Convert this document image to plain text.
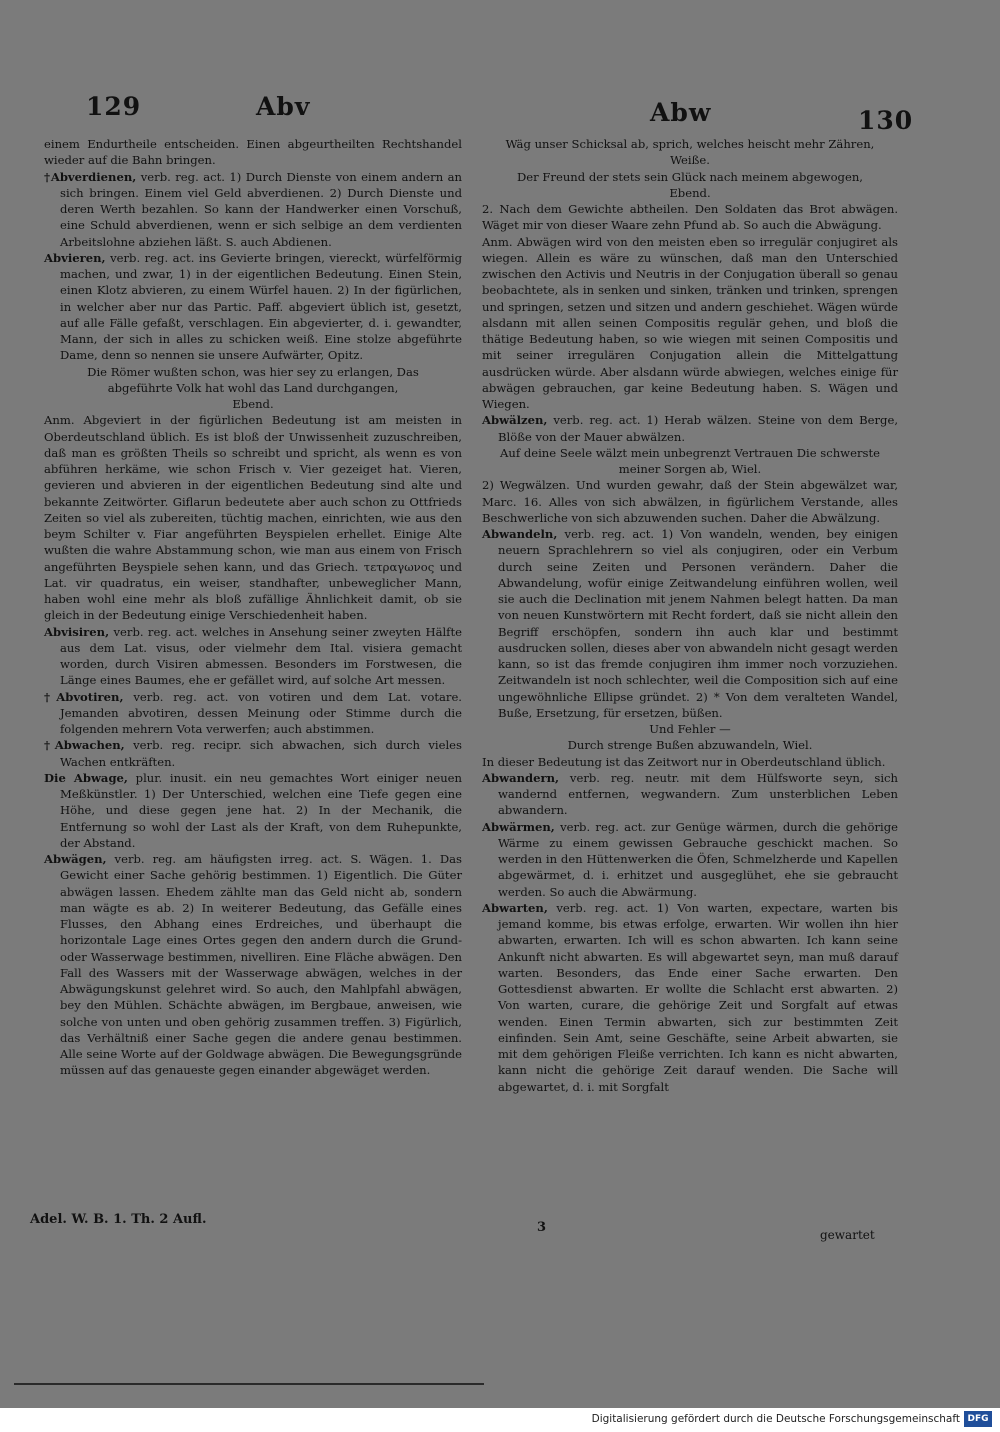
129	Abv	Abw	130

einem Endurtheile entscheiden. Einen abgeurtheilten Rechtshandel wieder auf die Bahn bringen.

†Abverdienen, verb. reg. act. 1) Durch Dienste von einem andern an sich bringen. Einem viel Geld abverdienen. 2) Durch Dienste und deren Werth bezahlen. So kann der Handwerker einen Vorschuß, eine Schuld abverdienen, wenn er sich selbige an dem verdienten Arbeitslohne abziehen läßt. S. auch Abdienen.

Abvieren, verb. reg. act. ins Gevierte bringen, viereckt, würfelförmig machen, und zwar, 1) in der eigentlichen Bedeutung. Einen Stein, einen Klotz abvieren, zu einem Würfel hauen. 2) In der figürlichen, in welcher aber nur das Partic. Paff. abgeviert üblich ist, gesetzt, auf alle Fälle gefaßt, verschlagen. Ein abgevierter, d. i. gewandter, Mann, der sich in alles zu schicken weiß. Eine stolze abgeführte Dame, denn so nennen sie unsere Aufwärter, Opitz.

Die Römer wußten schon, was hier sey zu erlangen, Das abgeführte Volk hat wohl das Land durchgangen,

Ebend.

Anm. Abgeviert in der figürlichen Bedeutung ist am meisten in Oberdeutschland üblich. Es ist bloß der Unwissenheit zuzuschreiben, daß man es größten Theils so schreibt und spricht, als wenn es von abführen herkäme, wie schon Frisch v. Vier gezeiget hat. Vieren, gevieren und abvieren in der eigentlichen Bedeutung sind alte und bekannte Zeitwörter. Giflarun bedeutete aber auch schon zu Ottfrieds Zeiten so viel als zubereiten, tüchtig machen, einrichten, wie aus den beym Schilter v. Fiar angeführten Beyspielen erhellet. Einige Alte wußten die wahre Abstammung schon, wie man aus einem von Frisch angeführten Beyspiele sehen kann, und das Griech. τετραγωνος und Lat. vir quadratus, ein weiser, standhafter, unbeweglicher Mann, haben wohl eine mehr als bloß zufällige Ähnlichkeit damit, ob sie gleich in der Bedeutung einige Verschiedenheit haben.

Abvisiren, verb. reg. act. welches in Ansehung seiner zweyten Hälfte aus dem Lat. visus, oder vielmehr dem Ital. visiera gemacht worden, durch Visiren abmessen. Besonders im Forstwesen, die Länge eines Baumes, ehe er gefället wird, auf solche Art messen.

†Abvotiren, verb. reg. act. von votiren und dem Lat. votare. Jemanden abvotiren, dessen Meinung oder Stimme durch die folgenden mehrern Vota verwerfen; auch abstimmen.

†Abwachen, verb. reg. recipr. sich abwachen, sich durch vieles Wachen entkräften.

Die Abwage, plur. inusit. ein neu gemachtes Wort einiger neuen Meßkünstler. 1) Der Unterschied, welchen eine Tiefe gegen eine Höhe, und diese gegen jene hat. 2) In der Mechanik, die Entfernung so wohl der Last als der Kraft, von dem Ruhepunkte, der Abstand.

Abwägen, verb. reg. am häufigsten irreg. act. S. Wägen. 1. Das Gewicht einer Sache gehörig bestimmen. 1) Eigentlich. Die Güter abwägen lassen. Ehedem zählte man das Geld nicht ab, sondern man wägte es ab. 2) In weiterer Bedeutung, das Gefälle eines Flusses, den Abhang eines Erdreiches, und überhaupt die horizontale Lage eines Ortes gegen den andern durch die Grund- oder Wasserwage bestimmen, nivelliren. Eine Fläche abwägen. Den Fall des Wassers mit der Wasserwage abwägen, welches in der Abwägungskunst gelehret wird. So auch, den Mahlpfahl abwägen, bey den Mühlen. Schächte abwägen, im Bergbaue, anweisen, wie solche von unten und oben gehörig zusammen treffen. 3) Figürlich, das Verhältniß einer Sache gegen die andere genau bestimmen. Alle seine Worte auf der Goldwage abwägen. Die Bewegungsgründe müssen auf das genaueste gegen einander abgewäget werden.

Wäg unser Schicksal ab, sprich, welches heischt mehr Zähren, Weiße.

Der Freund der stets sein Glück nach meinem abgewogen, Ebend.

2. Nach dem Gewichte abtheilen. Den Soldaten das Brot abwägen. Wäget mir von dieser Waare zehn Pfund ab. So auch die Abwägung.

Anm. Abwägen wird von den meisten eben so irregulär conjugiret als wiegen. Allein es wäre zu wünschen, daß man den Unterschied zwischen den Activis und Neutris in der Conjugation überall so genau beobachtete, als in senken und sinken, tränken und trinken, sprengen und springen, setzen und sitzen und andern geschiehet. Wägen würde alsdann mit allen seinen Compositis regulär gehen, und bloß die thätige Bedeutung haben, so wie wiegen mit seinen Compositis und mit seiner irregulären Conjugation allein die Mittelgattung ausdrücken würde. Aber alsdann würde abwiegen, welches einige für abwägen gebrauchen, gar keine Bedeutung haben. S. Wägen und Wiegen.

Abwälzen, verb. reg. act. 1) Herab wälzen. Steine von dem Berge, Blöße von der Mauer abwälzen.

Auf deine Seele wälzt mein unbegrenzt Vertrauen Die schwerste meiner Sorgen ab, Wiel.

2) Wegwälzen. Und wurden gewahr, daß der Stein abgewälzet war, Marc. 16. Alles von sich abwälzen, in figürlichem Verstande, alles Beschwerliche von sich abzuwenden suchen. Daher die Abwälzung.

Abwandeln, verb. reg. act. 1) Von wandeln, wenden, bey einigen neuern Sprachlehrern so viel als conjugiren, oder ein Verbum durch seine Zeiten und Personen verändern. Daher die Abwandelung, wofür einige Zeitwandelung einführen wollen, weil sie auch die Declination mit jenem Nahmen belegt hatten. Da man von neuen Kunstwörtern mit Recht fordert, daß sie nicht allein den Begriff erschöpfen, sondern ihn auch klar und bestimmt ausdrucken sollen, dieses aber von abwandeln nicht gesagt werden kann, so ist das fremde conjugiren ihm immer noch vorzuziehen. Zeitwandeln ist noch schlechter, weil die Composition sich auf eine ungewöhnliche Ellipse gründet. 2) * Von dem veralteten Wandel, Buße, Ersetzung, für ersetzen, büßen.

Und Fehler —

Durch strenge Bußen abzuwandeln, Wiel.

In dieser Bedeutung ist das Zeitwort nur in Oberdeutschland üblich.

Abwandern, verb. reg. neutr. mit dem Hülfsworte seyn, sich wandernd entfernen, wegwandern. Zum unsterblichen Leben abwandern.

Abwärmen, verb. reg. act. zur Genüge wärmen, durch die gehörige Wärme zu einem gewissen Gebrauche geschickt machen. So werden in den Hüttenwerken die Öfen, Schmelzherde und Kapellen abgewärmet, d. i. erhitzet und ausgeglühet, ehe sie gebraucht werden. So auch die Abwärmung.

Abwarten, verb. reg. act. 1) Von warten, expectare, warten bis jemand komme, bis etwas erfolge, erwarten. Wir wollen ihn hier abwarten, erwarten. Ich will es schon abwarten. Ich kann seine Ankunft nicht abwarten. Es will abgewartet seyn, man muß darauf warten. Besonders, das Ende einer Sache erwarten. Den Gottesdienst abwarten. Er wollte die Schlacht erst abwarten. 2) Von warten, curare, die gehörige Zeit und Sorgfalt auf etwas wenden. Einen Termin abwarten, sich zur bestimmten Zeit einfinden. Sein Amt, seine Geschäfte, seine Arbeit abwarten, sie mit dem gehörigen Fleiße verrichten. Ich kann es nicht abwarten, kann nicht die gehörige Zeit darauf wenden. Die Sache will abgewartet, d. i. mit Sorgfalt

Adel. W. B. 1. Th. 2 Aufl.
3	gewartet
Digitalisierung gefördert durch die Deutsche Forschungsgemeinschaft DFG
